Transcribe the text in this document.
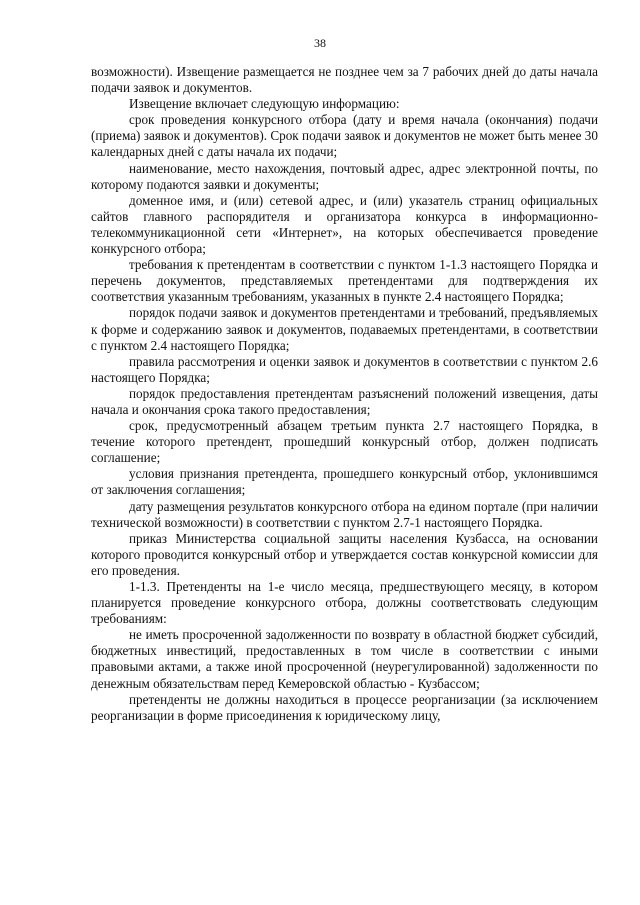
38

возможности). Извещение размещается не позднее чем за 7 рабочих дней до даты начала подачи заявок и документов.

Извещение включает следующую информацию:

срок проведения конкурсного отбора (дату и время начала (окончания) подачи (приема) заявок и документов). Срок подачи заявок и документов не может быть менее 30 календарных дней с даты начала их подачи;

наименование, место нахождения, почтовый адрес, адрес электронной почты, по которому подаются заявки и документы;

доменное имя, и (или) сетевой адрес, и (или) указатель страниц официальных сайтов главного распорядителя и организатора конкурса в информационно-телекоммуникационной сети «Интернет», на которых обеспечивается проведение конкурсного отбора;

требования к претендентам в соответствии с пунктом 1-1.3 настоящего Порядка и перечень документов, представляемых претендентами для подтверждения их соответствия указанным требованиям, указанных в пункте 2.4 настоящего Порядка;

порядок подачи заявок и документов претендентами и требований, предъявляемых к форме и содержанию заявок и документов, подаваемых претендентами, в соответствии с пунктом 2.4 настоящего Порядка;

правила рассмотрения и оценки заявок и документов в соответствии с пунктом 2.6 настоящего Порядка;

порядок предоставления претендентам разъяснений положений извещения, даты начала и окончания срока такого предоставления;

срок, предусмотренный абзацем третьим пункта 2.7 настоящего Порядка, в течение которого претендент, прошедший конкурсный отбор, должен подписать соглашение;

условия признания претендента, прошедшего конкурсный отбор, уклонившимся от заключения соглашения;

дату размещения результатов конкурсного отбора на едином портале (при наличии технической возможности) в соответствии с пунктом 2.7-1 настоящего Порядка.

приказ Министерства социальной защиты населения Кузбасса, на основании которого проводится конкурсный отбор и утверждается состав конкурсной комиссии для его проведения.

1-1.3. Претенденты на 1-е число месяца, предшествующего месяцу, в котором планируется проведение конкурсного отбора, должны соответствовать следующим требованиям:

не иметь просроченной задолженности по возврату в областной бюджет субсидий, бюджетных инвестиций, предоставленных в том числе в соответствии с иными правовыми актами, а также иной просроченной (неурегулированной) задолженности по денежным обязательствам перед Кемеровской областью - Кузбассом;

претенденты не должны находиться в процессе реорганизации (за исключением реорганизации в форме присоединения к юридическому лицу,
